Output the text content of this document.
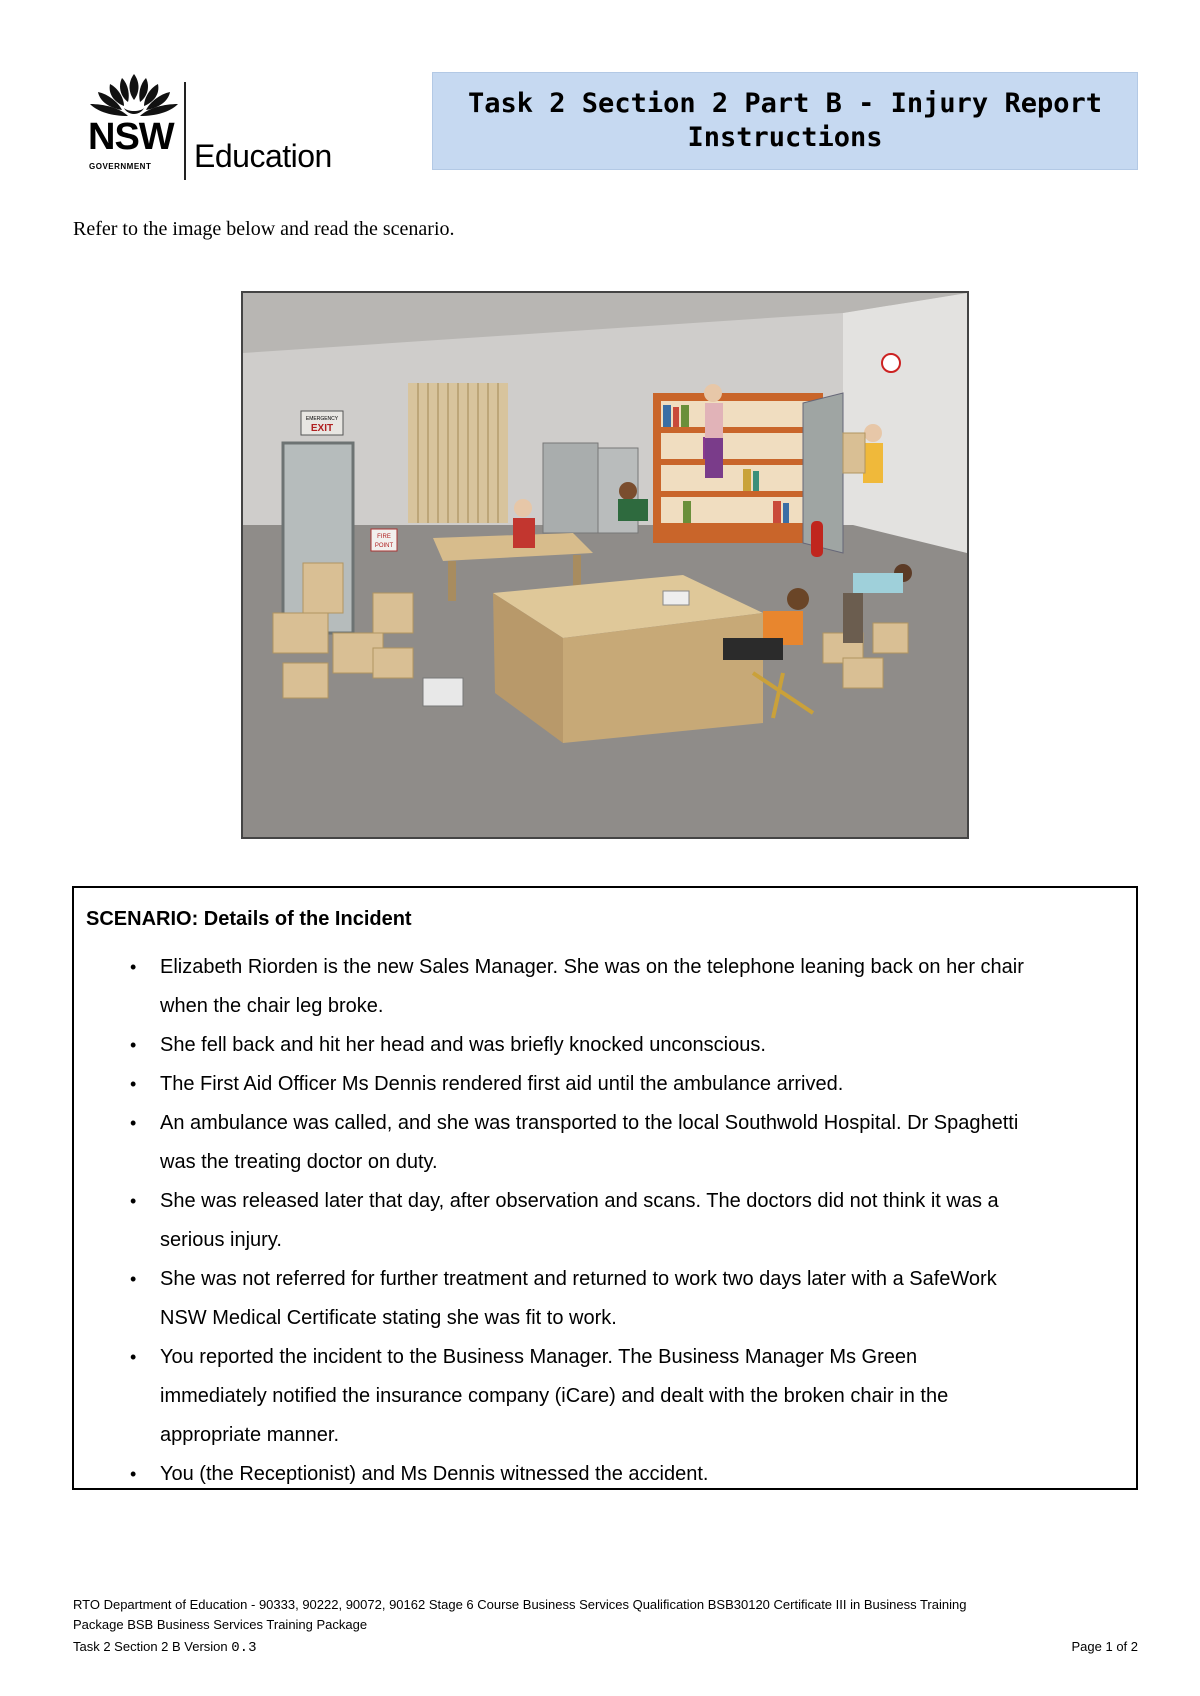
NSW
GOVERNMENT Education
Task 2 Section 2 Part B - Injury Report
Instructions
Refer to the image below and read the scenario.
EMERGENCY
EXIT
FIRE
POINT
SCENARIO: Details of the Incident
• Elizabeth Riorden is the new Sales Manager. She was on the telephone leaning back on her chair
when the chair leg broke.
• She fell back and hit her head and was briefly knocked unconscious.
• The First Aid Officer Ms Dennis rendered first aid until the ambulance arrived.
• An ambulance was called, and she was transported to the local Southwold Hospital. Dr Spaghetti
was the treating doctor on duty.
• She was released later that day, after observation and scans. The doctors did not think it was a
serious injury.
• She was not referred for further treatment and returned to work two days later with a SafeWork
NSW Medical Certificate stating she was fit to work.
• You reported the incident to the Business Manager. The Business Manager Ms Green
immediately notified the insurance company (iCare) and dealt with the broken chair in the
appropriate manner.
• You (the Receptionist) and Ms Dennis witnessed the accident.
RTO Department of Education - 90333, 90222, 90072, 90162 Stage 6 Course Business Services Qualification BSB30120 Certificate III in Business Training
Package BSB Business Services Training Package
Task 2 Section 2 B Version 0.3	Page 1 of 2
